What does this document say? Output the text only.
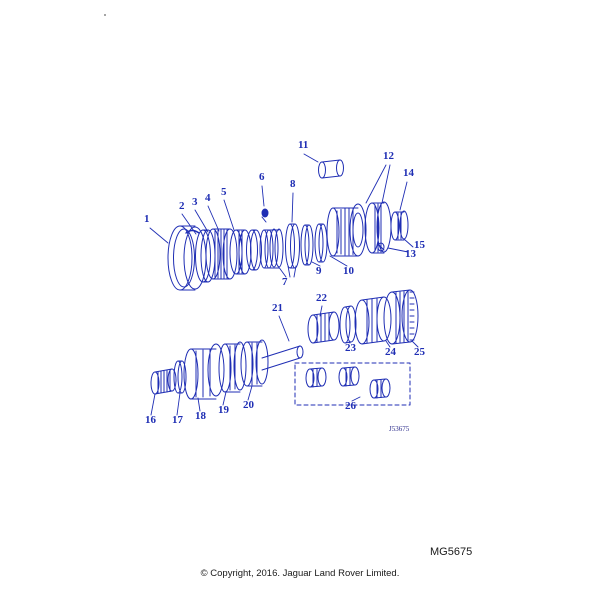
1
2 3 4 5
6
7
8
9 10
11
12
13
14
15
16 17 18 19 20
21
22
23	24 25
26
J53675
MG5675
© Copyright, 2016. Jaguar Land Rover Limited.
